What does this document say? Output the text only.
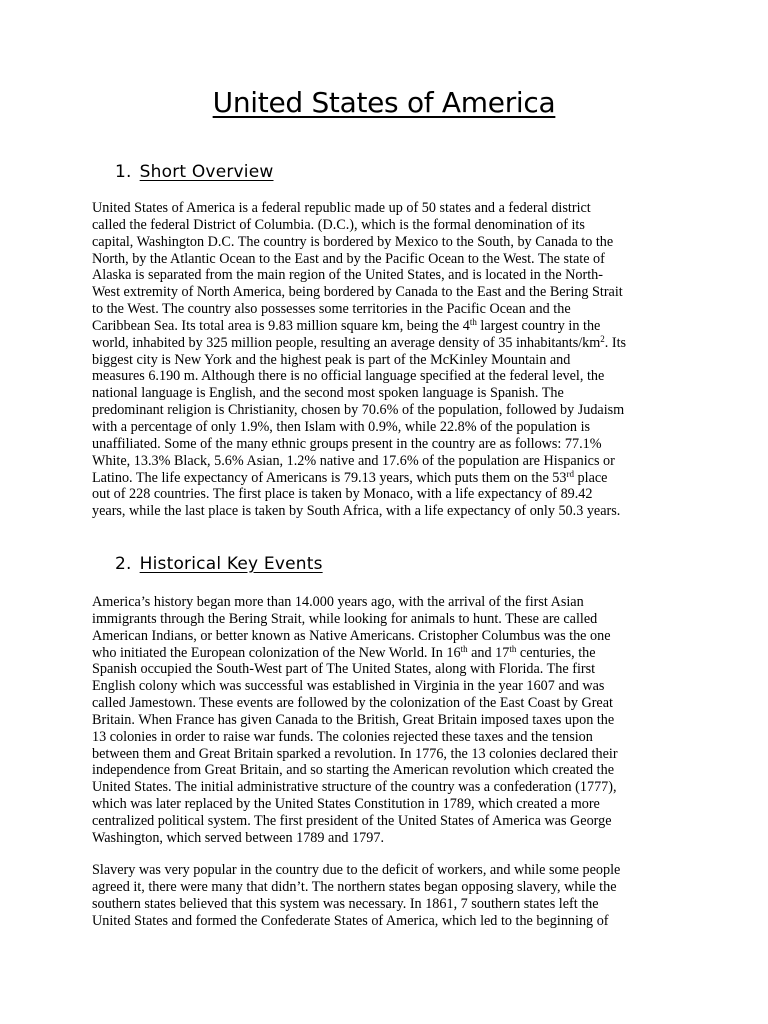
United States of America
1. Short Overview

United States of America is a federal republic made up of 50 states and a federal district
called the federal District of Columbia. (D.C.), which is the formal denomination of its
capital, Washington D.C. The country is bordered by Mexico to the South, by Canada to the
North, by the Atlantic Ocean to the East and by the Pacific Ocean to the West. The state of
Alaska is separated from the main region of the United States, and is located in the North-
West extremity of North America, being bordered by Canada to the East and the Bering Strait
to the West. The country also possesses some territories in the Pacific Ocean and the
Caribbean Sea. Its total area is 9.83 million square km, being the 4th largest country in the
world, inhabited by 325 million people, resulting an average density of 35 inhabitants/$km^2$. Its
biggest city is New York and the highest peak is part of the McKinley Mountain and
measures 6.190 m. Although there is no official language specified at the federal level, the
national language is English, and the second most spoken language is Spanish. The
predominant religion is Christianity, chosen by 70.6% of the population, followed by Judaism
with a percentage of only 1.9%, then Islam with 0.9%, while 22.8% of the population is
unaffiliated. Some of the many ethnic groups present in the country are as follows: 77.1%
White, 13.3% Black, 5.6% Asian, 1.2% native and 17.6% of the population are Hispanics or
Latino. The life expectancy of Americans is 79.13 years, which puts them on the 53rd place
out of 228 countries. The first place is taken by Monaco, with a life expectancy of 89.42
years, while the last place is taken by South Africa, with a life expectancy of only 50.3 years.

2. Historical Key Events

America’s history began more than 14.000 years ago, with the arrival of the first Asian
immigrants through the Bering Strait, while looking for animals to hunt. These are called
American Indians, or better known as Native Americans. Cristopher Columbus was the one
who initiated the European colonization of the New World. In 16th and 17th centuries, the
Spanish occupied the South-West part of The United States, along with Florida. The first
English colony which was successful was established in Virginia in the year 1607 and was
called Jamestown. These events are followed by the colonization of the East Coast by Great
Britain. When France has given Canada to the British, Great Britain imposed taxes upon the
13 colonies in order to raise war funds. The colonies rejected these taxes and the tension
between them and Great Britain sparked a revolution. In 1776, the 13 colonies declared their
independence from Great Britain, and so starting the American revolution which created the
United States. The initial administrative structure of the country was a confederation (1777),
which was later replaced by the United States Constitution in 1789, which created a more
centralized political system. The first president of the United States of America was George
Washington, which served between 1789 and 1797.

Slavery was very popular in the country due to the deficit of workers, and while some people
agreed it, there were many that didn’t. The northern states began opposing slavery, while the
southern states believed that this system was necessary. In 1861, 7 southern states left the
United States and formed the Confederate States of America, which led to the beginning of
